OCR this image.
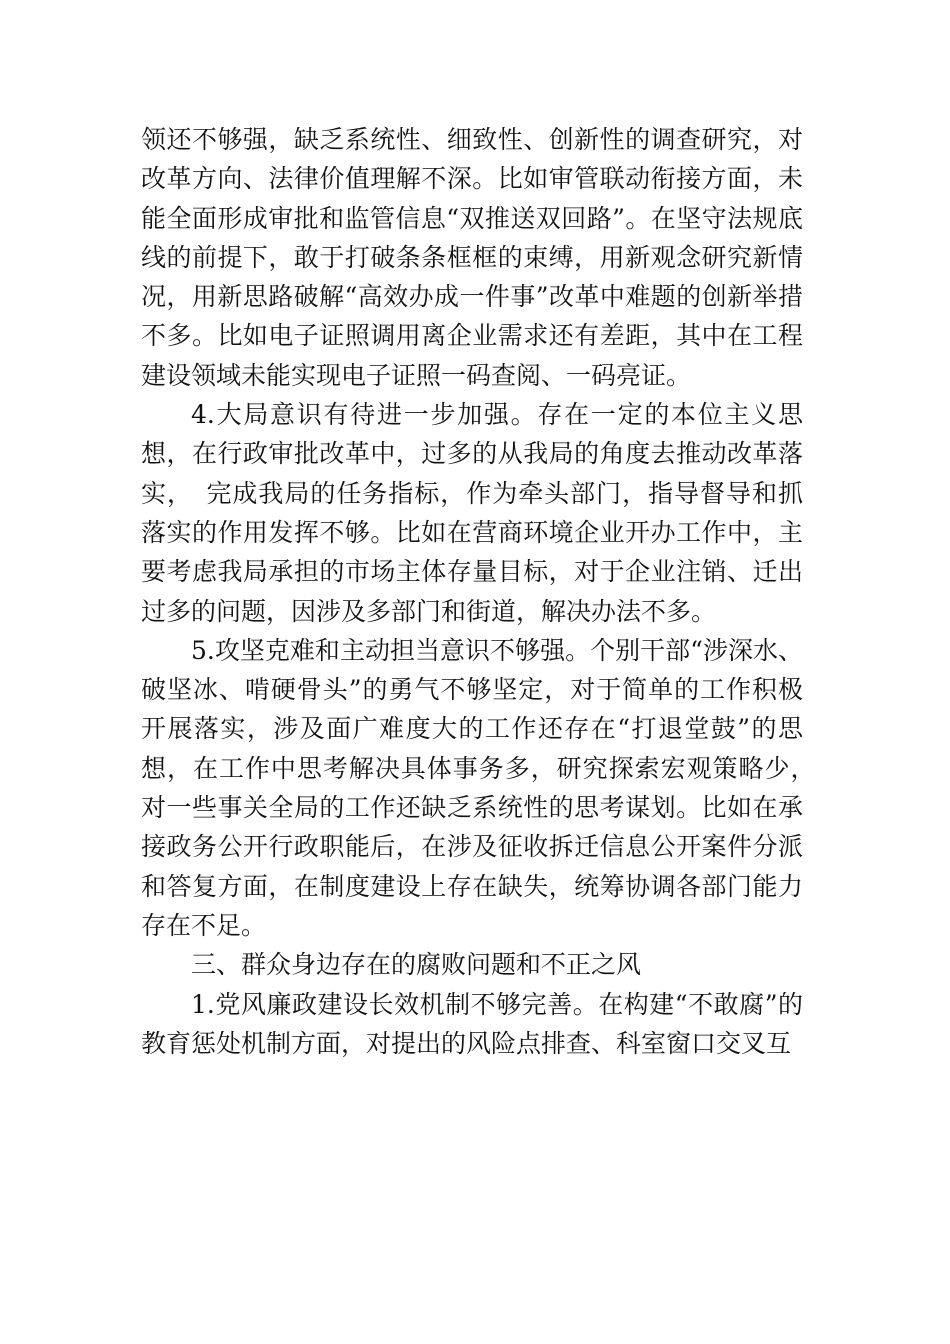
领还不够强，缺乏系统性、细致性、创新性的调查研究，对改革方向、法律价值理解不深。比如审管联动衔接方面，未能全面形成审批和监管信息“双推送双回路”。在坚守法规底线的前提下，敢于打破条条框框的束缚，用新观念研究新情况，用新思路破解“高效办成一件事”改革中难题的创新举措不多。比如电子证照调用离企业需求还有差距，其中在工程建设领域未能实现电子证照一码查阅、一码亮证。

4.大局意识有待进一步加强。存在一定的本位主义思想，在行政审批改革中，过多的从我局的角度去推动改革落实，　完成我局的任务指标，作为牵头部门，指导督导和抓落实的作用发挥不够。比如在营商环境企业开办工作中，主要考虑我局承担的市场主体存量目标，对于企业注销、迁出过多的问题，因涉及多部门和街道，解决办法不多。

5.攻坚克难和主动担当意识不够强。个别干部“涉深水、破坚冰、啃硬骨头”的勇气不够坚定，对于简单的工作积极开展落实，涉及面广难度大的工作还存在“打退堂鼓”的思想，在工作中思考解决具体事务多，研究探索宏观策略少，　对一些事关全局的工作还缺乏系统性的思考谋划。比如在承接政务公开行政职能后，在涉及征收拆迁信息公开案件分派和答复方面，在制度建设上存在缺失，统筹协调各部门能力存在不足。

三、群众身边存在的腐败问题和不正之风

1.党风廉政建设长效机制不够完善。在构建“不敢腐”的教育惩处机制方面，对提出的风险点排查、科室窗口交叉互
